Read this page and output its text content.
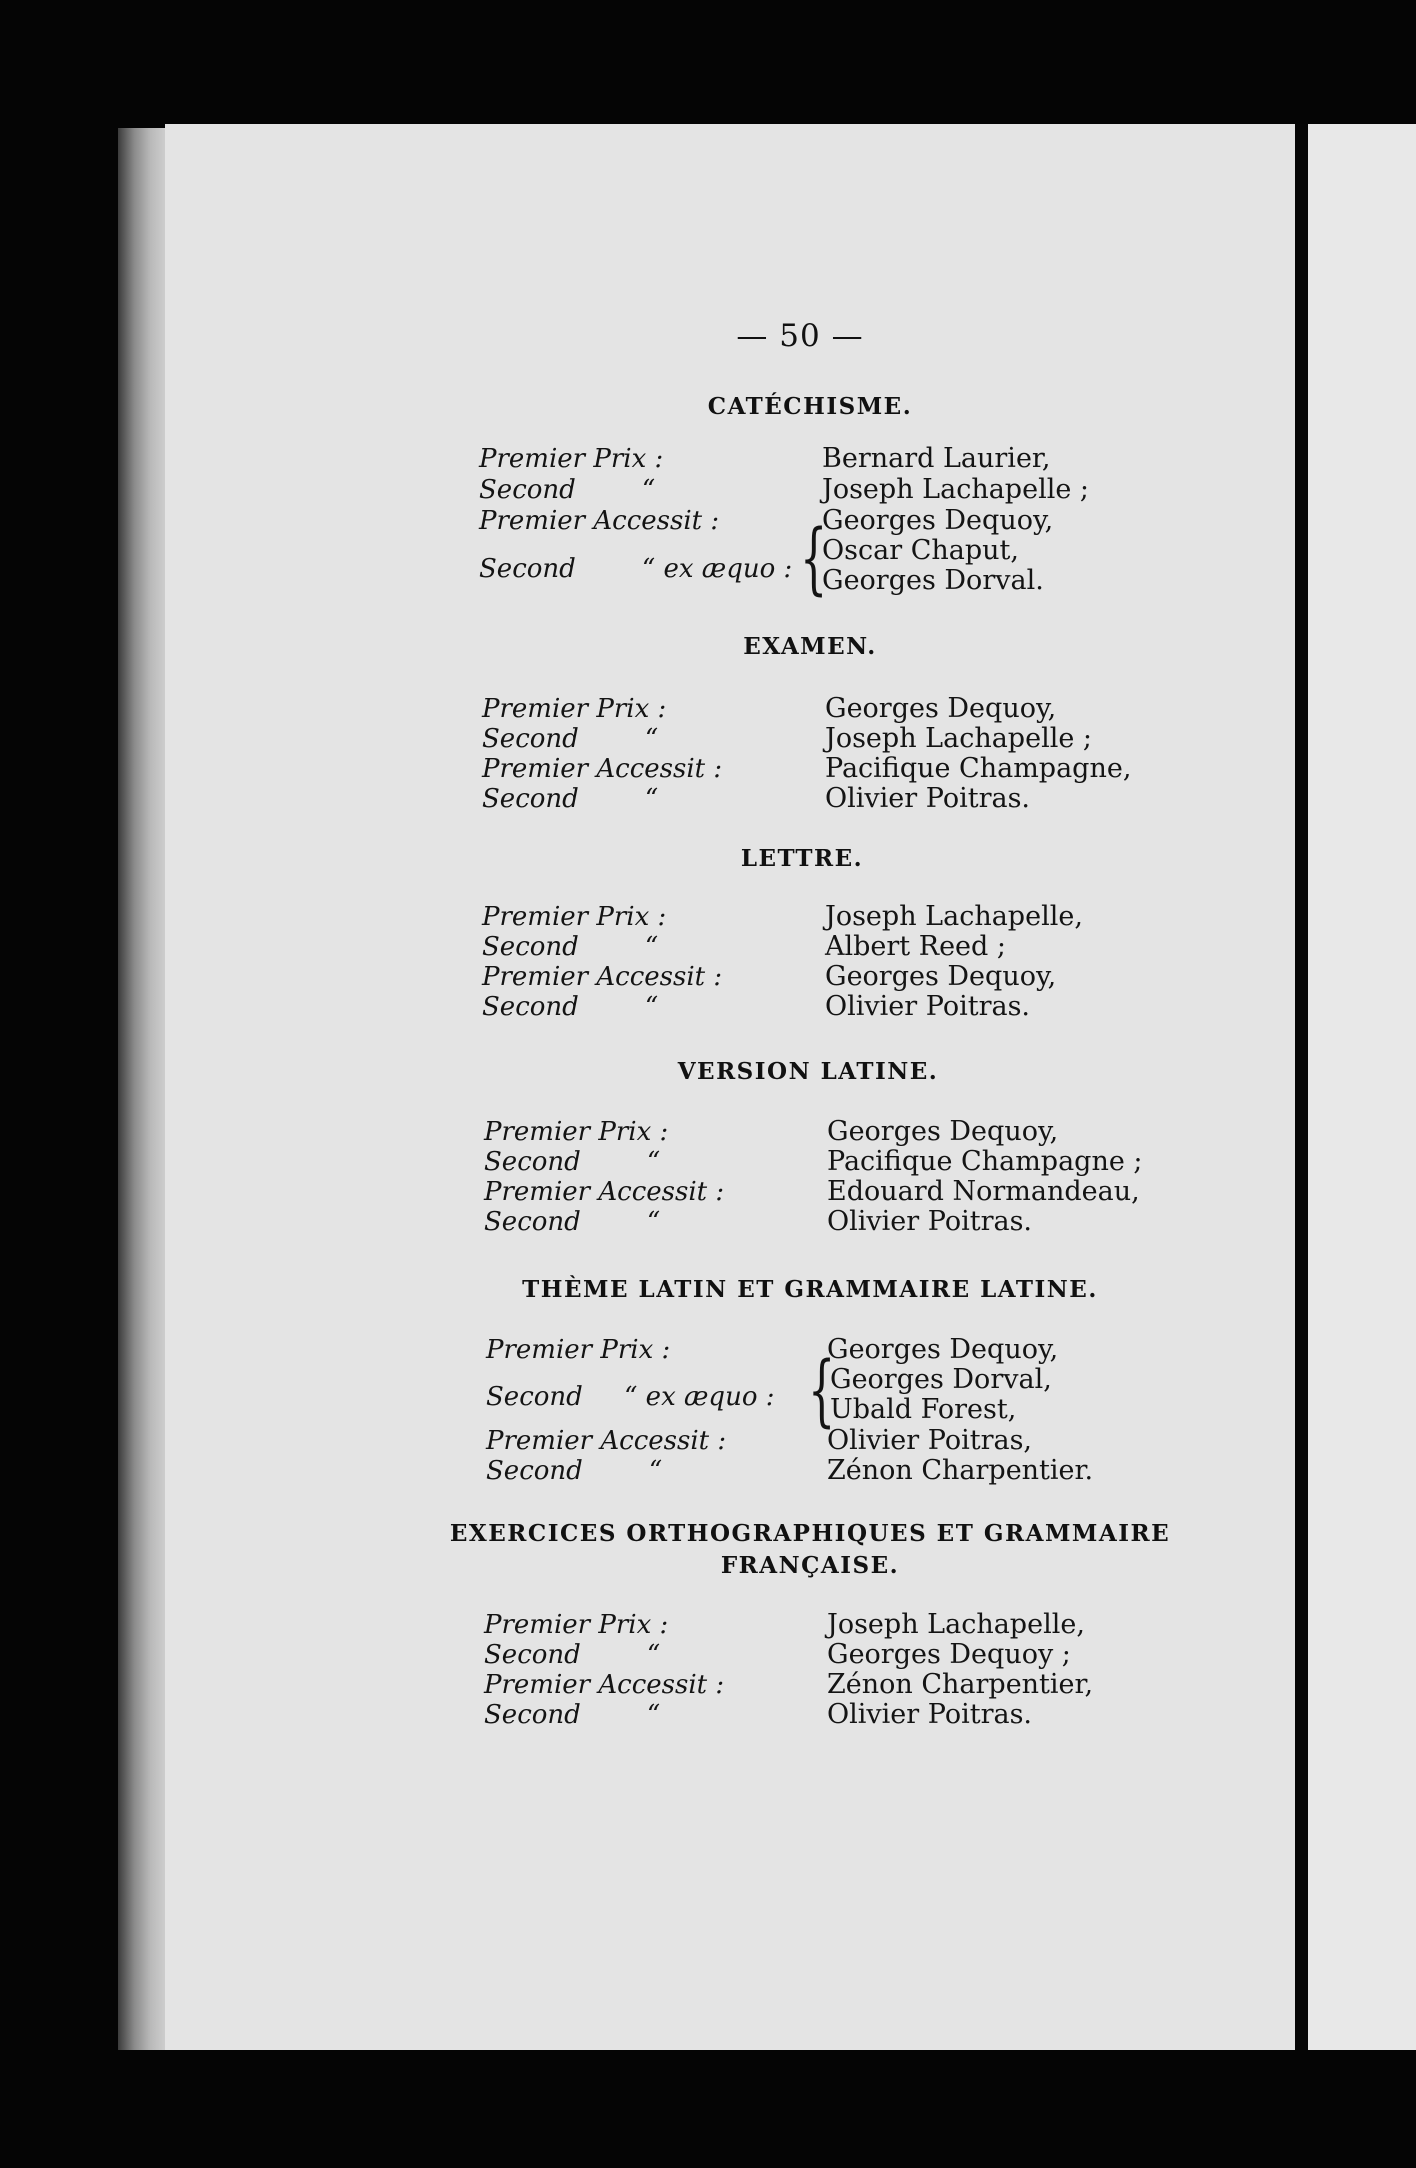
— 50 —
CATÉCHISME.
Premier Prix :	Bernard Laurier,
Second        “	Joseph Lachapelle ;
Premier Accessit :	Georges Dequoy,
Second        “ ex æquo : {
Oscar Chaput,
Georges Dorval.
EXAMEN.
Premier Prix :	Georges Dequoy,
Second        “	Joseph Lachapelle ;
Premier Accessit :	Pacifique Champagne,
Second        “	Olivier Poitras.
LETTRE.
Premier Prix :	Joseph Lachapelle,
Second        “	Albert Reed ;
Premier Accessit :	Georges Dequoy,
Second        “	Olivier Poitras.
VERSION LATINE.
Premier Prix :	Georges Dequoy,
Second        “	Pacifique Champagne ;
Premier Accessit :	Edouard Normandeau,
Second        “	Olivier Poitras.
THÈME LATIN ET GRAMMAIRE LATINE.
Premier Prix :	Georges Dequoy,
Second     “ ex æquo : {
Georges Dorval,
Ubald Forest,
Premier Accessit :	Olivier Poitras,
Second        “	Zénon Charpentier.
EXERCICES ORTHOGRAPHIQUES ET GRAMMAIRE
FRANÇAISE.
Premier Prix :	Joseph Lachapelle,
Second        “	Georges Dequoy ;
Premier Accessit :	Zénon Charpentier,
Second        “	Olivier Poitras.
